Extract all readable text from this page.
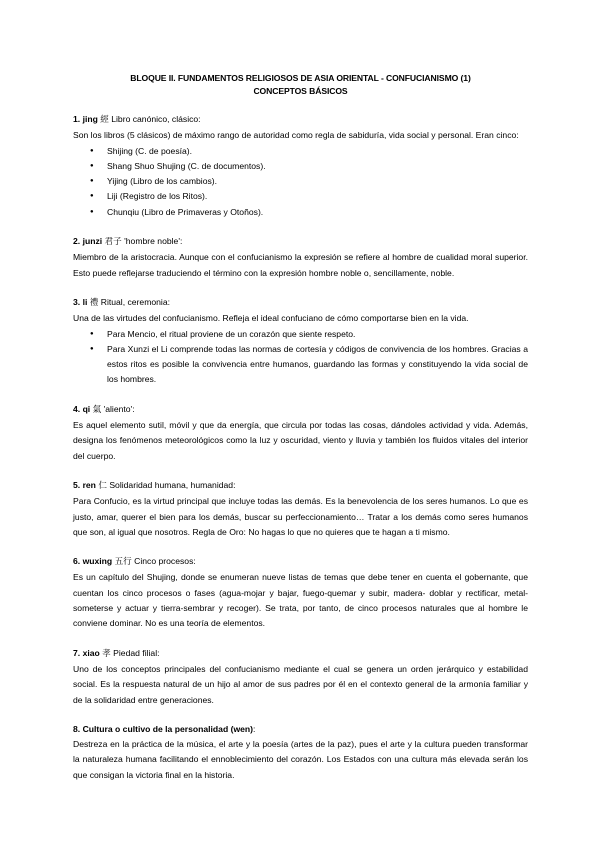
BLOQUE II. FUNDAMENTOS RELIGIOSOS DE ASIA ORIENTAL - CONFUCIANISMO (1)
CONCEPTOS BÁSICOS
1. jing 經 Libro canónico, clásico:
Son los libros (5 clásicos) de máximo rango de autoridad como regla de sabiduría, vida social y personal. Eran cinco:
● Shijing (C. de poesía).
● Shang Shuo Shujing (C. de documentos).
● Yijing (Libro de los cambios).
● Liji (Registro de los Ritos).
● Chunqiu (Libro de Primaveras y Otoños).
2. junzi 君子 'hombre noble':
Miembro de la aristocracia. Aunque con el confucianismo la expresión se refiere al hombre de cualidad moral superior. Esto puede reflejarse traduciendo el término con la expresión hombre noble o, sencillamente, noble.
3. li 禮 Ritual, ceremonia:
Una de las virtudes del confucianismo. Refleja el ideal confuciano de cómo comportarse bien en la vida.
● Para Mencio, el ritual proviene de un corazón que siente respeto.
● Para Xunzi el Li comprende todas las normas de cortesía y códigos de convivencia de los hombres. Gracias a estos ritos es posible la convivencia entre humanos, guardando las formas y constituyendo la vida social de los hombres.
4. qi 氣 'aliento':
Es aquel elemento sutil, móvil y que da energía, que circula por todas las cosas, dándoles actividad y vida. Además, designa los fenómenos meteorológicos como la luz y oscuridad, viento y lluvia y también los fluidos vitales del interior del cuerpo.
5. ren 仁 Solidaridad humana, humanidad:
Para Confucio, es la virtud principal que incluye todas las demás. Es la benevolencia de los seres humanos. Lo que es justo, amar, querer el bien para los demás, buscar su perfeccionamiento… Tratar a los demás como seres humanos que son, al igual que nosotros. Regla de Oro: No hagas lo que no quieres que te hagan a ti mismo.
6. wuxing 五行 Cinco procesos:
Es un capítulo del Shujing, donde se enumeran nueve listas de temas que debe tener en cuenta el gobernante, que cuentan los cinco procesos o fases (agua-mojar y bajar, fuego-quemar y subir, madera- doblar y rectificar, metal-someterse y actuar y tierra-sembrar y recoger). Se trata, por tanto, de cinco procesos naturales que al hombre le conviene dominar. No es una teoría de elementos.
7. xiao 孝 Piedad filial:
Uno de los conceptos principales del confucianismo mediante el cual se genera un orden jerárquico y estabilidad social. Es la respuesta natural de un hijo al amor de sus padres por él en el contexto general de la armonía familiar y de la solidaridad entre generaciones.
8. Cultura o cultivo de la personalidad (wen):
Destreza en la práctica de la música, el arte y la poesía (artes de la paz), pues el arte y la cultura pueden transformar la naturaleza humana facilitando el ennoblecimiento del corazón. Los Estados con una cultura más elevada serán los que consigan la victoria final en la historia.
